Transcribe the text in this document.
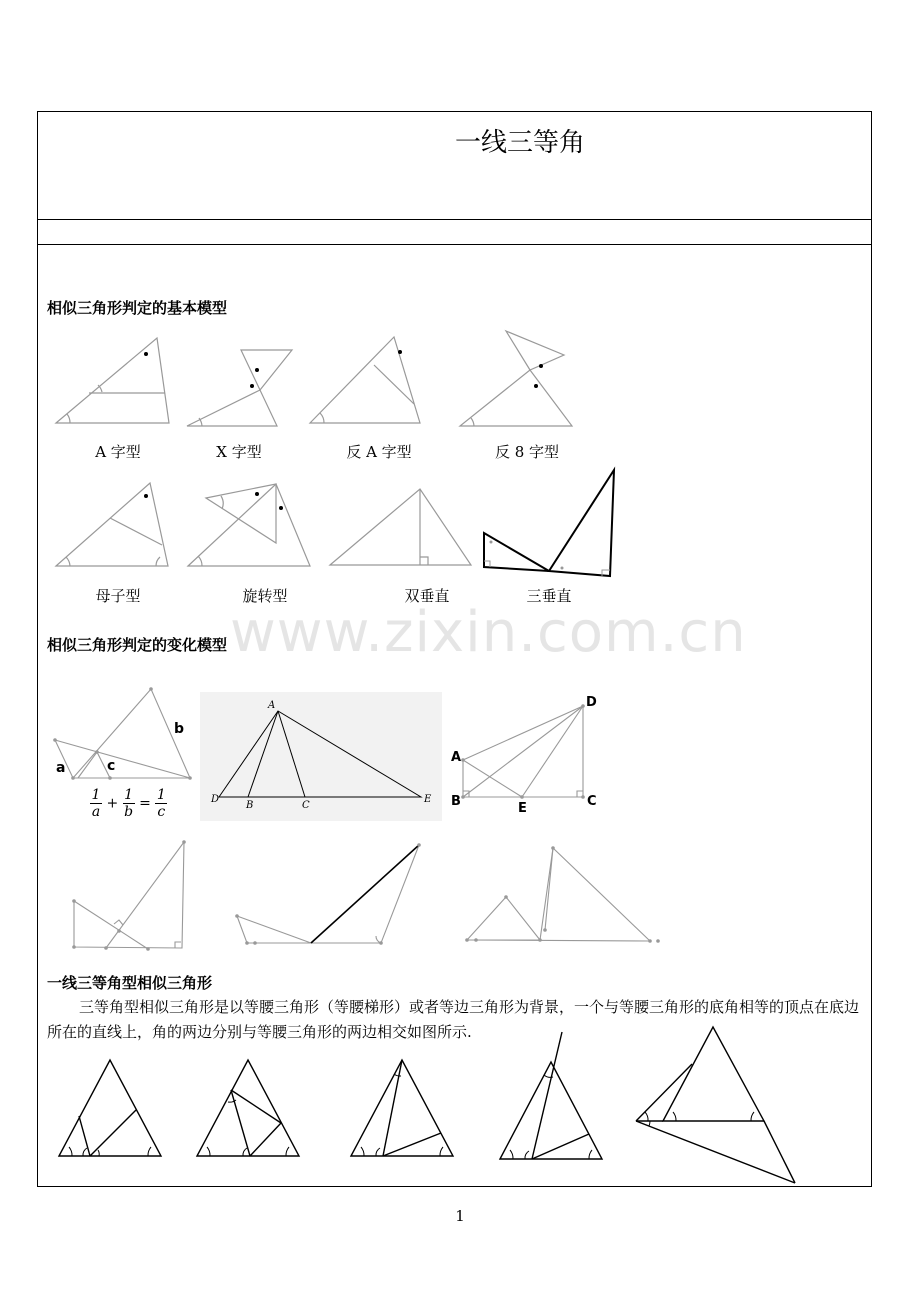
一线三等角
www.zixin.com.cn
相似三角形判定的基本模型
A 字型	X 字型	反 A 字型	反 8 字型
母子型	旋转型	双垂直	三垂直
相似三角形判定的变化模型
a	c
b
$\frac{1}{a} + \frac{1}{b} = \frac{1}{c}$
A
D
B	C
E
A
B	E	C
D
一线三等角型相似三角形
三等角型相似三角形是以等腰三角形（等腰梯形）或者等边三角形为背景，一个与等腰三角形的底角相等的顶点在底边所在的直线上，角的两边分别与等腰三角形的两边相交如图所示.
1
